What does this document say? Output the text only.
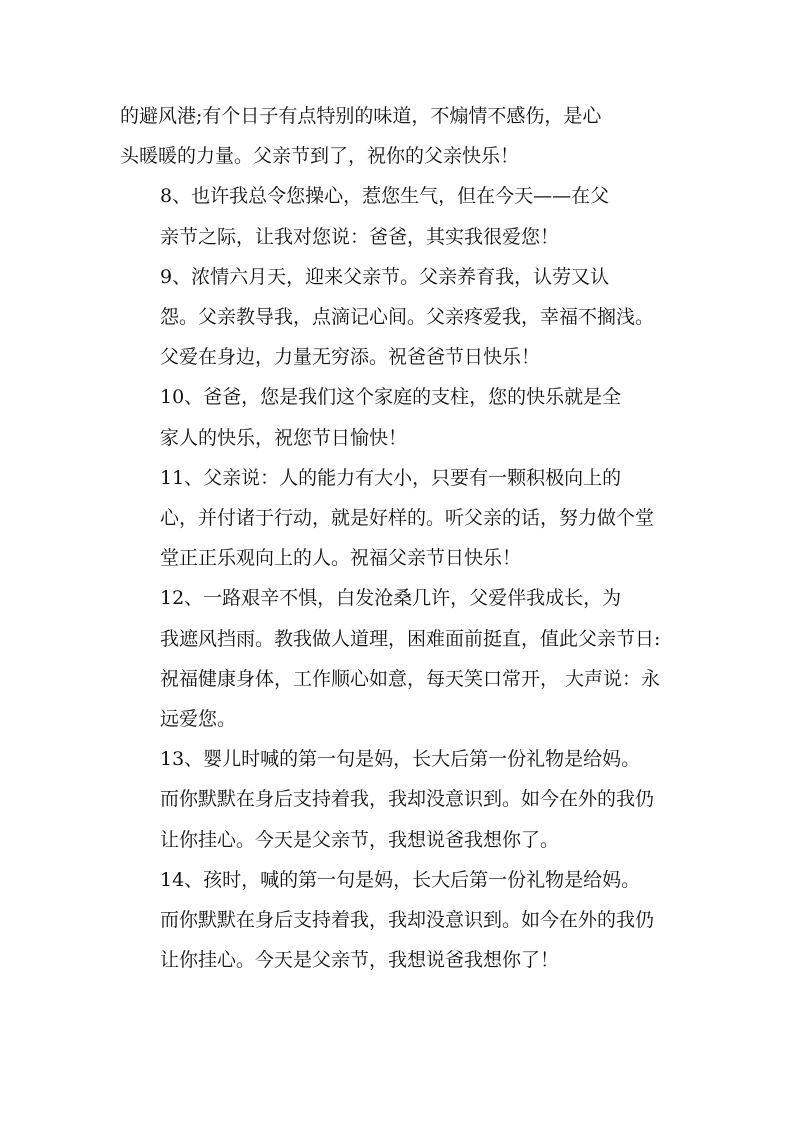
的避风港;有个日子有点特别的味道，不煽情不感伤，是心
头暖暖的力量。父亲节到了，祝你的父亲快乐！

8、也许我总令您操心，惹您生气，但在今天——在父
亲节之际，让我对您说：爸爸，其实我很爱您！

9、浓情六月天，迎来父亲节。父亲养育我，认劳又认
怨。父亲教导我，点滴记心间。父亲疼爱我，幸福不搁浅。
父爱在身边，力量无穷添。祝爸爸节日快乐！

10、爸爸，您是我们这个家庭的支柱，您的快乐就是全
家人的快乐，祝您节日愉快！

11、父亲说：人的能力有大小，只要有一颗积极向上的
心，并付诸于行动，就是好样的。听父亲的话，努力做个堂
堂正正乐观向上的人。祝福父亲节日快乐！

12、一路艰辛不惧，白发沧桑几许，父爱伴我成长，为
我遮风挡雨。教我做人道理，困难面前挺直，值此父亲节日:
祝福健康身体，工作顺心如意，每天笑口常开， 大声说：永
远爱您。

13、婴儿时喊的第一句是妈，长大后第一份礼物是给妈。
而你默默在身后支持着我，我却没意识到。如今在外的我仍
让你挂心。今天是父亲节，我想说爸我想你了。

14、孩时，喊的第一句是妈，长大后第一份礼物是给妈。
而你默默在身后支持着我，我却没意识到。如今在外的我仍
让你挂心。今天是父亲节，我想说爸我想你了！
